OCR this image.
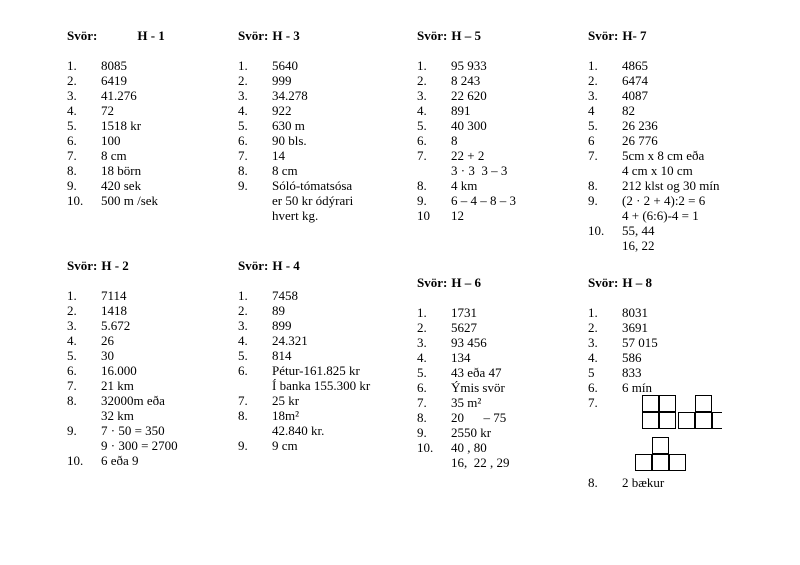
Svör:	H - 1
1.	8085
2.	6419
3.	41.276
4.	72
5.	1518 kr
6.	100
7.	8 cm
8.	18 börn
9.	420 sek
10.	500 m /sek
Svör: H - 3
1.	5640
2.	999
3.	34.278
4.	922
5.	630 m
6.	90 bls.
7.	14
8.	8 cm
9.	Sóló-tómatsósa
er 50 kr ódýrari
hvert kg.
Svör: H – 5
1.	95 933
2.	8 243
3.	22 620
4.	891
5.	40 300
6.	8
7.	22 + 2
3 · 3  3 – 3
8.	4 km
9.	6 – 4 – 8 – 3
10	12
Svör: H- 7
1.	4865
2.	6474
3.	4087
4	82
5.	26 236
6	26 776
7.	5cm x 8 cm eða
4 cm x 10 cm
8.	212 klst og 30 mín
9.	(2 · 2 + 4):2 = 6
4 + (6:6)-4 = 1
10.	55, 44
16, 22
Svör: H - 2
1.	7114
2.	1418
3.	5.672
4.	26
5.	30
6.	16.000
7.	21 km
8.	32000m eða
32 km
9.	7 · 50 = 350
9 · 300 = 2700
10.	6 eða 9
Svör: H - 4
1.	7458
2.	89
3.	899
4.	24.321
5.	814
6.	Pétur-161.825 kr
Í banka 155.300 kr
7.	25 kr
8.	18m²
42.840 kr.
9.	9 cm
Svör: H – 6
1.	1731
2.	5627
3.	93 456
4.	134
5.	43 eða 47
6.	Ýmis svör
7.	35 m²
8.	20      – 75
9.	2550 kr
10.	40 , 80
16,  22 , 29
Svör: H – 8
1.	8031
2.	3691
3.	57 015
4.	586
5	833
6.	6 mín
7.
8.	2 bækur
